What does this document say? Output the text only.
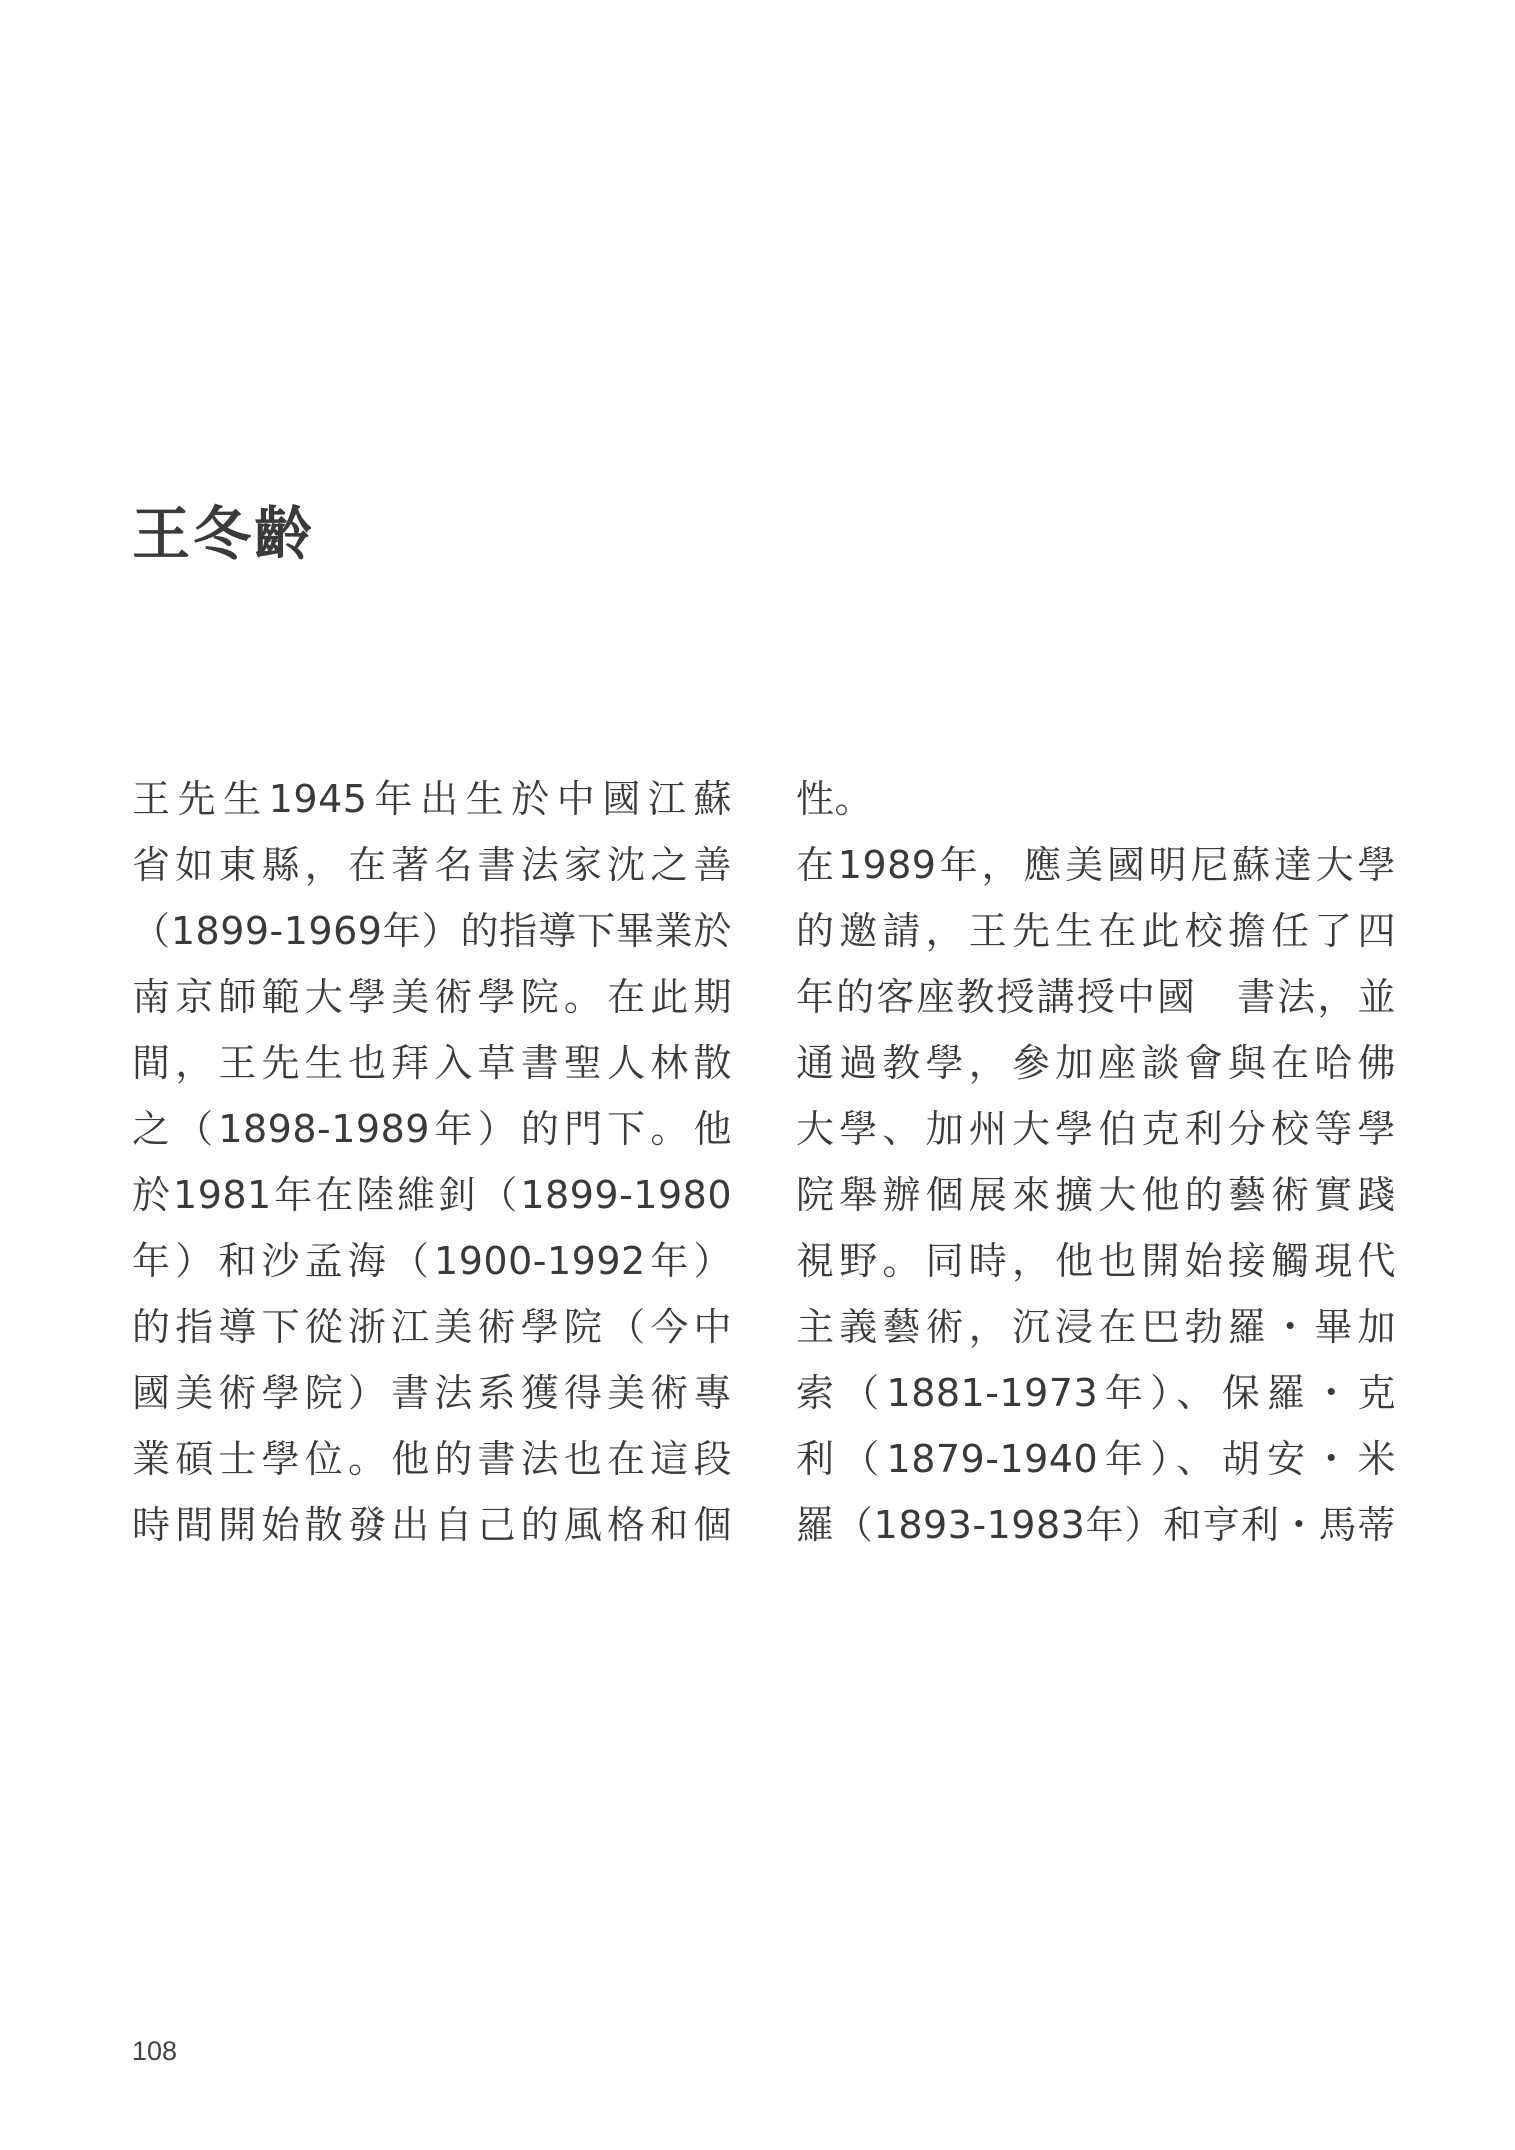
王冬齡
王先生1945年出生於中國江蘇
省如東縣，在著名書法家沈之善
（1899-1969年）的指導下畢業於
南京師範大學美術學院。在此期
間，王先生也拜入草書聖人林散
之（1898-1989年）的門下。他
於1981年在陸維釗（1899-1980
年）和沙孟海（1900-1992年）
的指導下從浙江美術學院（今中
國美術學院）書法系獲得美術專
業碩士學位。他的書法也在這段
時間開始散發出自己的風格和個
性。
在1989年，應美國明尼蘇達大學
的邀請，王先生在此校擔任了四
年的客座教授講授中國　書法，並
通過教學，參加座談會與在哈佛
大學、加州大學伯克利分校等學
院舉辦個展來擴大他的藝術實踐
視野。同時，他也開始接觸現代
主義藝術，沉浸在巴勃羅・畢加
索（1881-1973年）、保羅・克
利（1879-1940年）、胡安・米
羅（1893-1983年）和亨利・馬蒂
108
